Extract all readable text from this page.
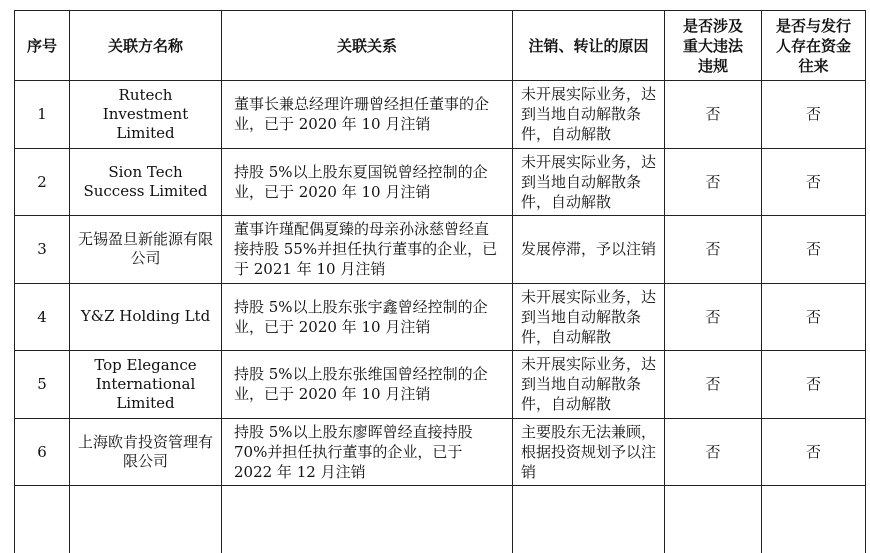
序号	关联方名称	关联关系	注销、转让的原因	是否涉及重大违法违规	是否与发行人存在资金往来
1	Rutech Investment Limited	董事长兼总经理许珊曾经担任董事的企业，已于 2020 年 10 月注销	未开展实际业务，达到当地自动解散条件，自动解散	否	否
2	Sion Tech Success Limited	持股 5%以上股东夏国锐曾经控制的企业，已于 2020 年 10 月注销	未开展实际业务，达到当地自动解散条件，自动解散	否	否
3	无锡盈旦新能源有限公司	董事许瑾配偶夏臻的母亲孙泳慈曾经直接持股 55%并担任执行董事的企业，已于 2021 年 10 月注销	发展停滞，予以注销	否	否
4	Y&Z Holding Ltd	持股 5%以上股东张宇鑫曾经控制的企业，已于 2020 年 10 月注销	未开展实际业务，达到当地自动解散条件，自动解散	否	否
5	Top Elegance International Limited	持股 5%以上股东张维国曾经控制的企业，已于 2020 年 10 月注销	未开展实际业务，达到当地自动解散条件，自动解散	否	否
6	上海欧肯投资管理有限公司	持股 5%以上股东廖晖曾经直接持股 70%并担任执行董事的企业，已于 2022 年 12 月注销	主要股东无法兼顾，根据投资规划予以注销	否	否
